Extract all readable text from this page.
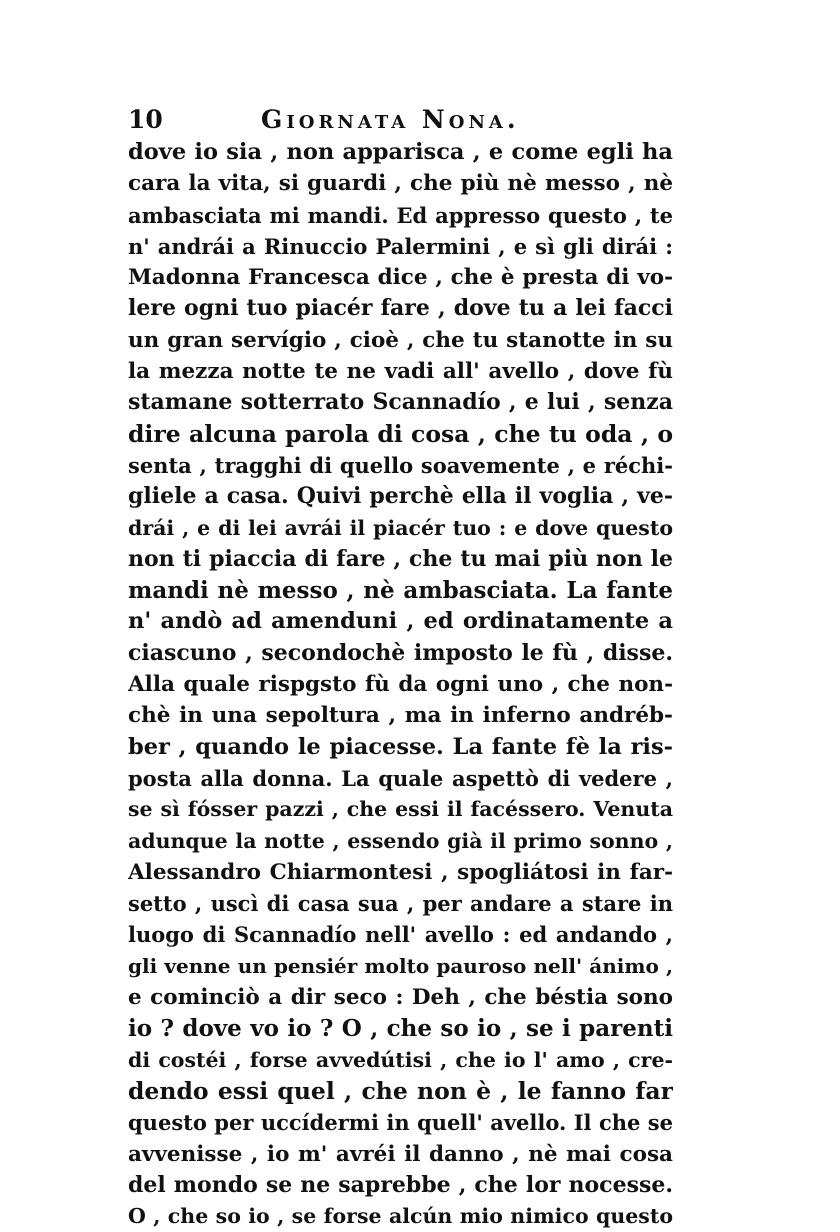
10	Giornata Nona.
dove io sia , non apparisca , e come egli ha
cara la vita, si guardi , che più nè messo , nè
ambasciata mi mandi. Ed appresso questo , te
n' andrái a Rinuccio Palermini , e sì gli dirái :
Madonna Francesca dice , che è presta di vo-
lere ogni tuo piacér fare , dove tu a lei facci
un gran servígio , cioè , che tu stanotte in su
la mezza notte te ne vadi all' avello , dove fù
stamane sotterrato Scannadío , e lui , senza
dire alcuna parola di cosa , che tu oda , o
senta , tragghi di quello soavemente , e réchi-
gliele a casa. Quivi perchè ella il voglia , ve-
drái , e di lei avrái il piacér tuo : e dove questo
non ti piaccia di fare , che tu mai più non le
mandi nè messo , nè ambasciata. La fante
n' andò ad amenduni , ed ordinatamente a
ciascuno , secondochè imposto le fù , disse.
Alla quale rispgsto fù da ogni uno , che non-
chè in una sepoltura , ma in inferno andréb-
ber , quando le piacesse. La fante fè la ris-
posta alla donna. La quale aspettò di vedere ,
se sì fósser pazzi , che essi il facéssero. Venuta
adunque la notte , essendo già il primo sonno ,
Alessandro Chiarmontesi , spogliátosi in far-
setto , uscì di casa sua , per andare a stare in
luogo di Scannadío nell' avello : ed andando ,
gli venne un pensiér molto pauroso nell' ánimo ,
e cominciò a dir seco : Deh , che béstia sono
io ? dove vo io ? O , che so io , se i parenti
di costéi , forse avvedútisi , che io l' amo , cre-
dendo essi quel , che non è , le fanno far
questo per uccídermi in quell' avello. Il che se
avvenisse , io m' avréi il danno , nè mai cosa
del mondo se ne saprebbe , che lor nocesse.
O , che so io , se forse alcún mio nimico questo
